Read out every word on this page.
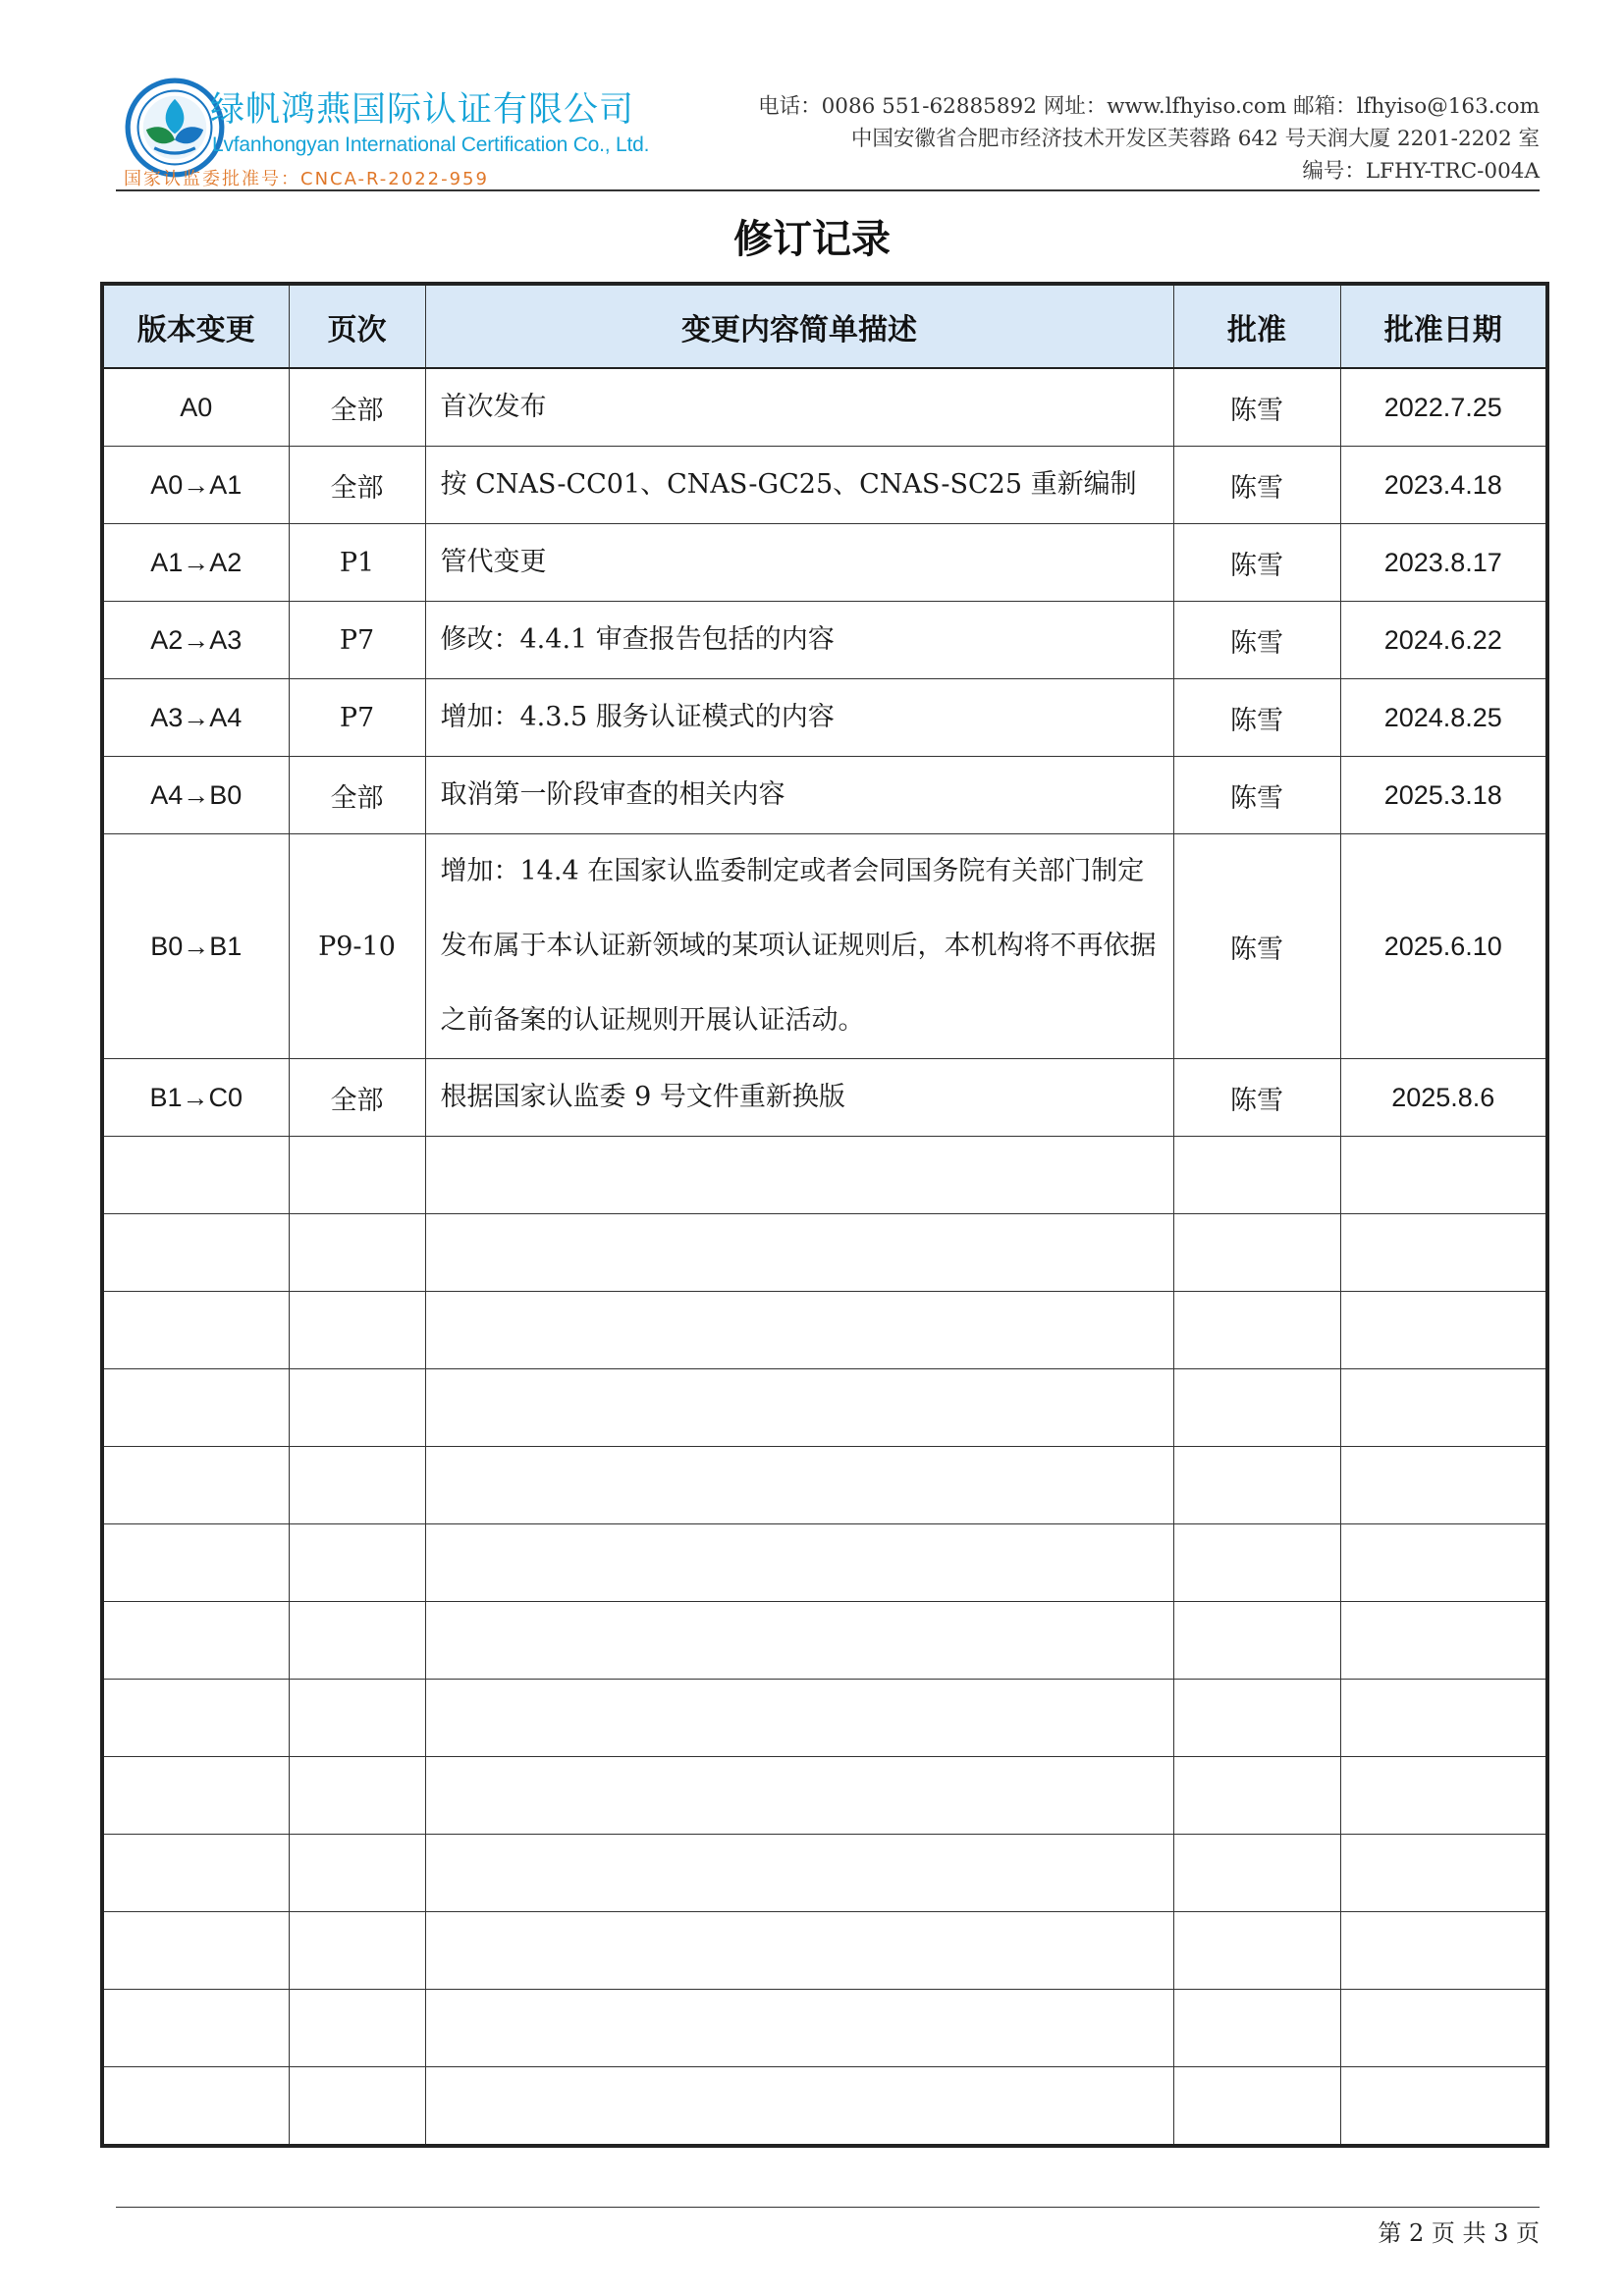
绿帆鸿燕国际认证有限公司
Lvfanhongyan International Certification Co., Ltd.
国家认监委批准号：CNCA-R-2022-959
电话：0086 551-62885892 网址：www.lfhyiso.com 邮箱：lfhyiso@163.com
中国安徽省合肥市经济技术开发区芙蓉路 642 号天润大厦 2201-2202 室
编号：LFHY-TRC-004A
修订记录
版本变更	页次	变更内容简单描述	批准	批准日期
A0	全部	首次发布	陈雪	2022.7.25
A0→A1	全部	按 CNAS-CC01、CNAS-GC25、CNAS-SC25 重新编制	陈雪	2023.4.18
A1→A2	P1	管代变更	陈雪	2023.8.17
A2→A3	P7	修改：4.4.1 审查报告包括的内容	陈雪	2024.6.22
A3→A4	P7	增加：4.3.5 服务认证模式的内容	陈雪	2024.8.25
A4→B0	全部	取消第一阶段审查的相关内容	陈雪	2025.3.18
B0→B1	P9-10	增加：14.4 在国家认监委制定或者会同国务院有关部门制定发布属于本认证新领域的某项认证规则后，本机构将不再依据之前备案的认证规则开展认证活动。	陈雪	2025.6.10
B1→C0	全部	根据国家认监委 9 号文件重新换版	陈雪	2025.8.6

第 2 页 共 3 页
